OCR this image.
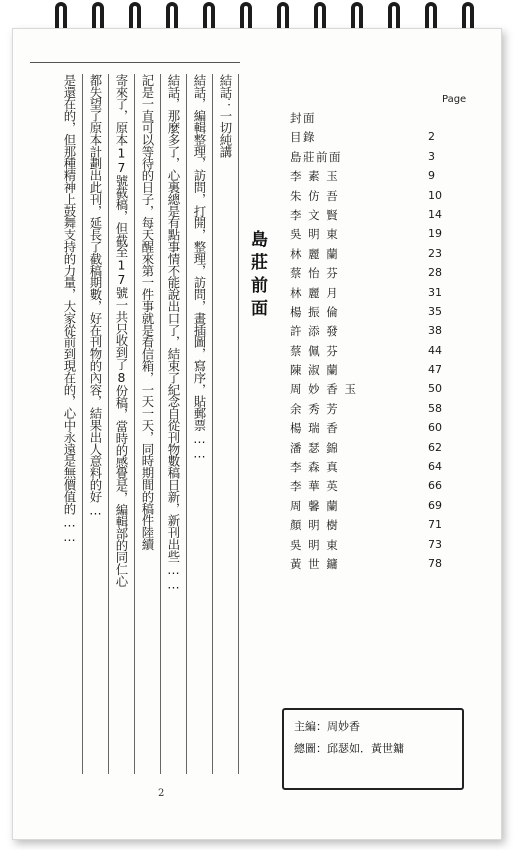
結話：一切純講
結話，編輯整理，訪問，打開，整理，訪問，畫插圖，寫序，貼郵票……
結話，那麼多了，心裏總是有點事情不能說出口了，結束了紀念自從刊物數稿日新，新刊出些……
記是一直可以等待的日子，每天醒來第一件事就是看信箱，一天一天，同時期間的稿件陸續
寄來了，原本17號截稿，但截至17號一共只收到了8份稿，當時的感覺是，編輯部的同仁心
都失望了原本計劃出此刊，延長了截稿期數，好在刊物的內容，結果出人意料的好…
是還在的，但那種精神上鼓舞支持的力量，大家從前到現在的，心中永遠是無價值的……	島莊前面
2
Page
封面
目錄	2
島莊前面	3
李 素 玉	9
朱 仿 吾	10
李 文 賢	14
吳 明 東	19
林 麗 蘭	23
蔡 怡 芬	28
林 麗 月	31
楊 振 倫	35
許 添 發	38
蔡 佩 芬	44
陳 淑 蘭	47
周 妙 香 玉	50
余 秀 芳	58
楊 瑞 香	60
潘 瑟 錦	62
李 森 真	64
李 華 英	66
周 馨 蘭	69
顏 明 樹	71
吳 明 東	73
黃 世 鏞	78
主編：周妙香
總圖：邱瑟如．黃世鏞
